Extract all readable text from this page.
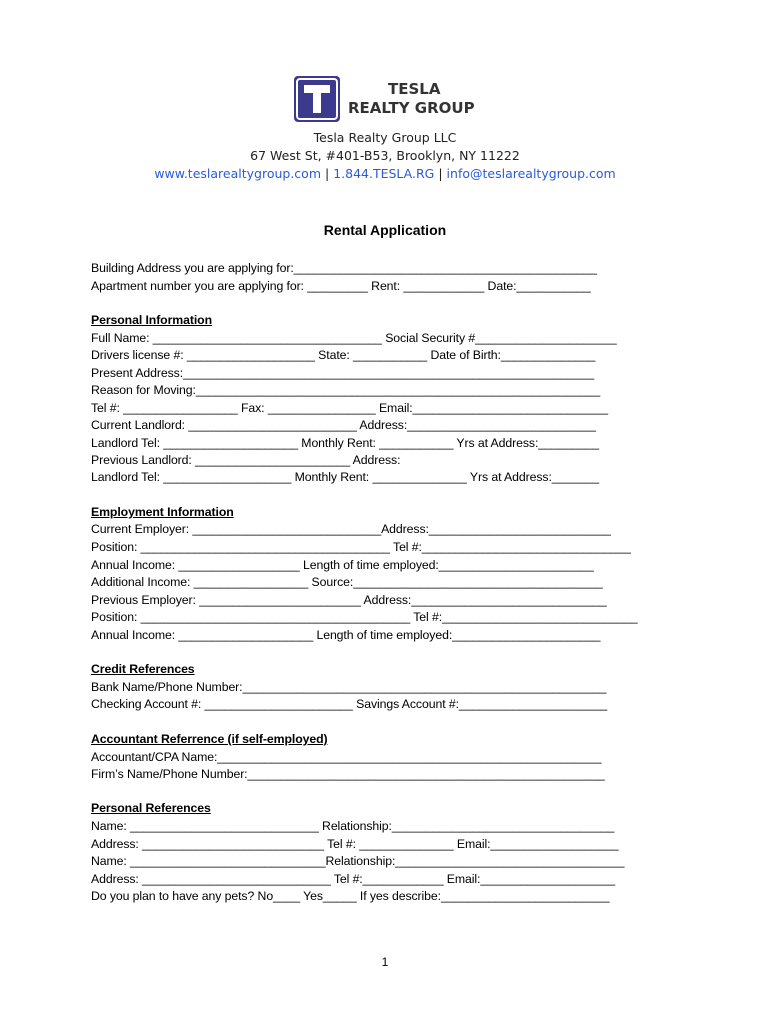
TESLA
REALTY GROUP
Tesla Realty Group LLC
67 West St, #401-B53, Brooklyn, NY 11222
www.teslarealtygroup.com | 1.844.TESLA.RG | info@teslarealtygroup.com
Rental Application
Building Address you are applying for:_____________________________________________
Apartment number you are applying for: _________ Rent: ____________ Date:___________
Personal Information
Full Name: __________________________________ Social Security #_____________________
Drivers license #: ___________________ State: ___________ Date of Birth:______________
Present Address:_____________________________________________________________
Reason for Moving:____________________________________________________________
Tel #: _________________ Fax: ________________ Email:_____________________________
Current Landlord: _________________________ Address:____________________________
Landlord Tel: ____________________ Monthly Rent: ___________ Yrs at Address:_________
Previous Landlord: _______________________ Address:
Landlord Tel: ___________________ Monthly Rent: ______________ Yrs at Address:_______
Employment Information
Current Employer: ____________________________Address:___________________________
Position: _____________________________________ Tel #:_______________________________
Annual Income: __________________ Length of time employed:_______________________
Additional Income: _________________ Source:_____________________________________
Previous Employer: ________________________ Address:_____________________________
Position: ________________________________________ Tel #:_____________________________
Annual Income: ____________________ Length of time employed:______________________
Credit References
Bank Name/Phone Number:______________________________________________________
Checking Account #: ______________________ Savings Account #:______________________
Accountant Referrence (if self-employed)
Accountant/CPA Name:_________________________________________________________
Firm’s Name/Phone Number:_____________________________________________________
Personal References
Name: ____________________________ Relationship:_________________________________
Address: ___________________________ Tel #: ______________ Email:___________________
Name: _____________________________Relationship:__________________________________
Address: ____________________________ Tel #:____________ Email:____________________
Do you plan to have any pets? No____ Yes_____ If yes describe:_________________________
1
